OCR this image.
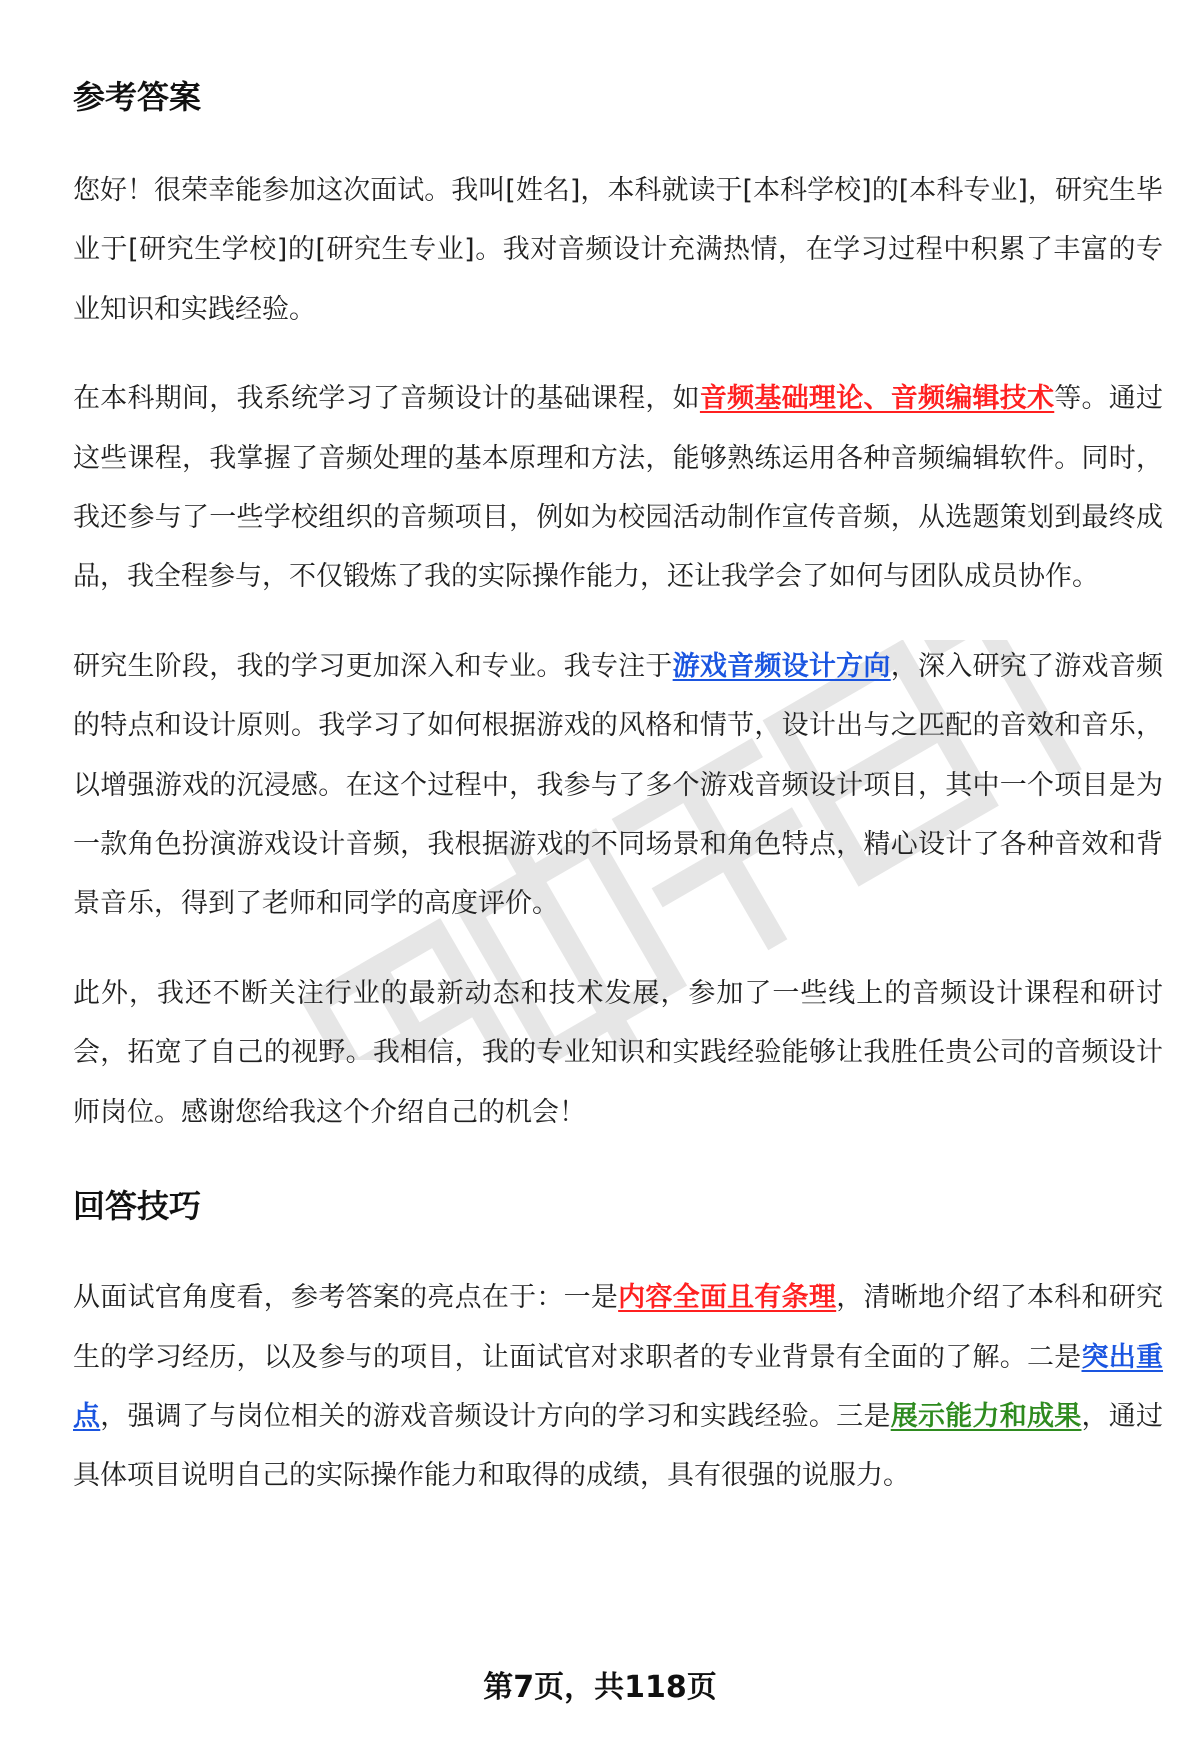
参考答案

您好！很荣幸能参加这次面试。我叫[姓名]，本科就读于[本科学校]的[本科专业]，研究生毕业于[研究生学校]的[研究生专业]。我对音频设计充满热情，在学习过程中积累了丰富的专业知识和实践经验。

在本科期间，我系统学习了音频设计的基础课程，如音频基础理论、音频编辑技术等。通过这些课程，我掌握了音频处理的基本原理和方法，能够熟练运用各种音频编辑软件。同时，我还参与了一些学校组织的音频项目，例如为校园活动制作宣传音频，从选题策划到最终成品，我全程参与，不仅锻炼了我的实际操作能力，还让我学会了如何与团队成员协作。

研究生阶段，我的学习更加深入和专业。我专注于游戏音频设计方向，深入研究了游戏音频的特点和设计原则。我学习了如何根据游戏的风格和情节，设计出与之匹配的音效和音乐，以增强游戏的沉浸感。在这个过程中，我参与了多个游戏音频设计项目，其中一个项目是为一款角色扮演游戏设计音频，我根据游戏的不同场景和角色特点，精心设计了各种音效和背景音乐，得到了老师和同学的高度评价。

此外，我还不断关注行业的最新动态和技术发展，参加了一些线上的音频设计课程和研讨会，拓宽了自己的视野。我相信，我的专业知识和实践经验能够让我胜任贵公司的音频设计师岗位。感谢您给我这个介绍自己的机会！

回答技巧

从面试官角度看，参考答案的亮点在于：一是内容全面且有条理，清晰地介绍了本科和研究生的学习经历，以及参与的项目，让面试官对求职者的专业背景有全面的了解。二是突出重点，强调了与岗位相关的游戏音频设计方向的学习和实践经验。三是展示能力和成果，通过具体项目说明自己的实际操作能力和取得的成绩，具有很强的说服力。

第7页，共118页
